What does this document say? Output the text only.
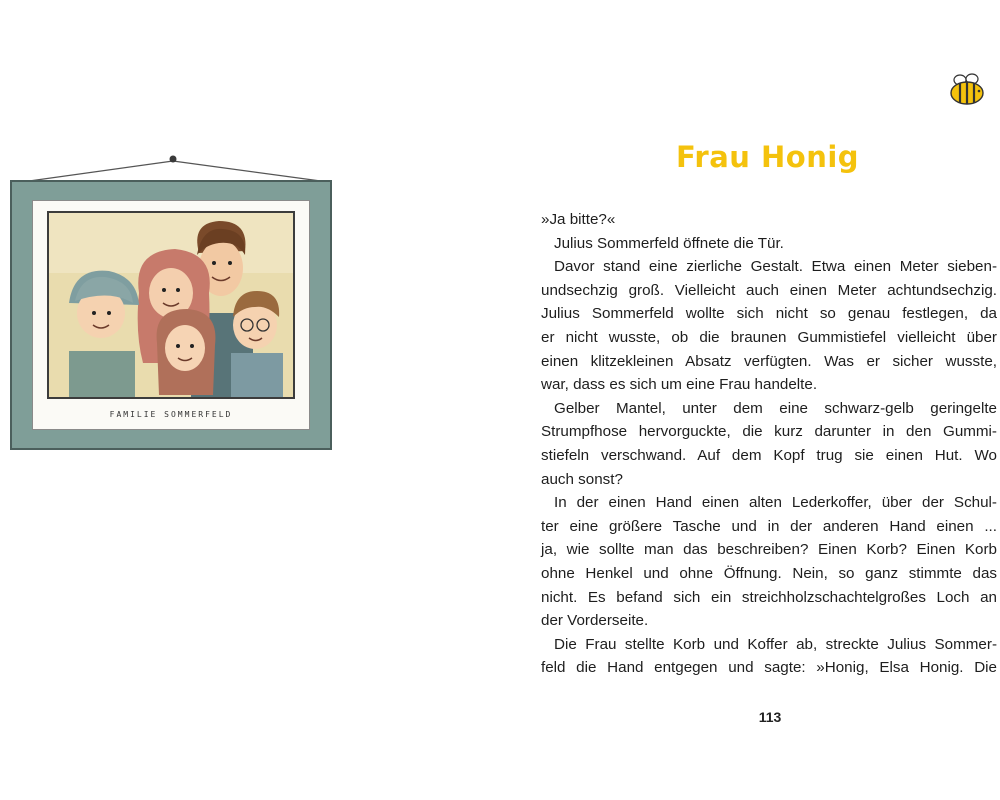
FAMILIE SOMMERFELD
Frau Honig

»Ja bitte?«

Julius Sommerfeld öffnete die Tür.

Davor stand eine zierliche Gestalt. Etwa einen Meter sieben-
undsechzig groß. Vielleicht auch einen Meter achtundsechzig.
Julius Sommerfeld wollte sich nicht so genau festlegen, da
er nicht wusste, ob die braunen Gummistiefel vielleicht über
einen klitzekleinen Absatz verfügten. Was er sicher wusste,
war, dass es sich um eine Frau handelte.

Gelber Mantel, unter dem eine schwarz-gelb geringelte
Strumpfhose hervorguckte, die kurz darunter in den Gummi-
stiefeln verschwand. Auf dem Kopf trug sie einen Hut. Wo
auch sonst?

In der einen Hand einen alten Lederkoffer, über der Schul-
ter eine größere Tasche und in der anderen Hand einen ...
ja, wie sollte man das beschreiben? Einen Korb? Einen Korb
ohne Henkel und ohne Öffnung. Nein, so ganz stimmte das
nicht. Es befand sich ein streichholzschachtelgroßes Loch an
der Vorderseite.

Die Frau stellte Korb und Koffer ab, streckte Julius Sommer-
feld die Hand entgegen und sagte: »Honig, Elsa Honig. Die

113
